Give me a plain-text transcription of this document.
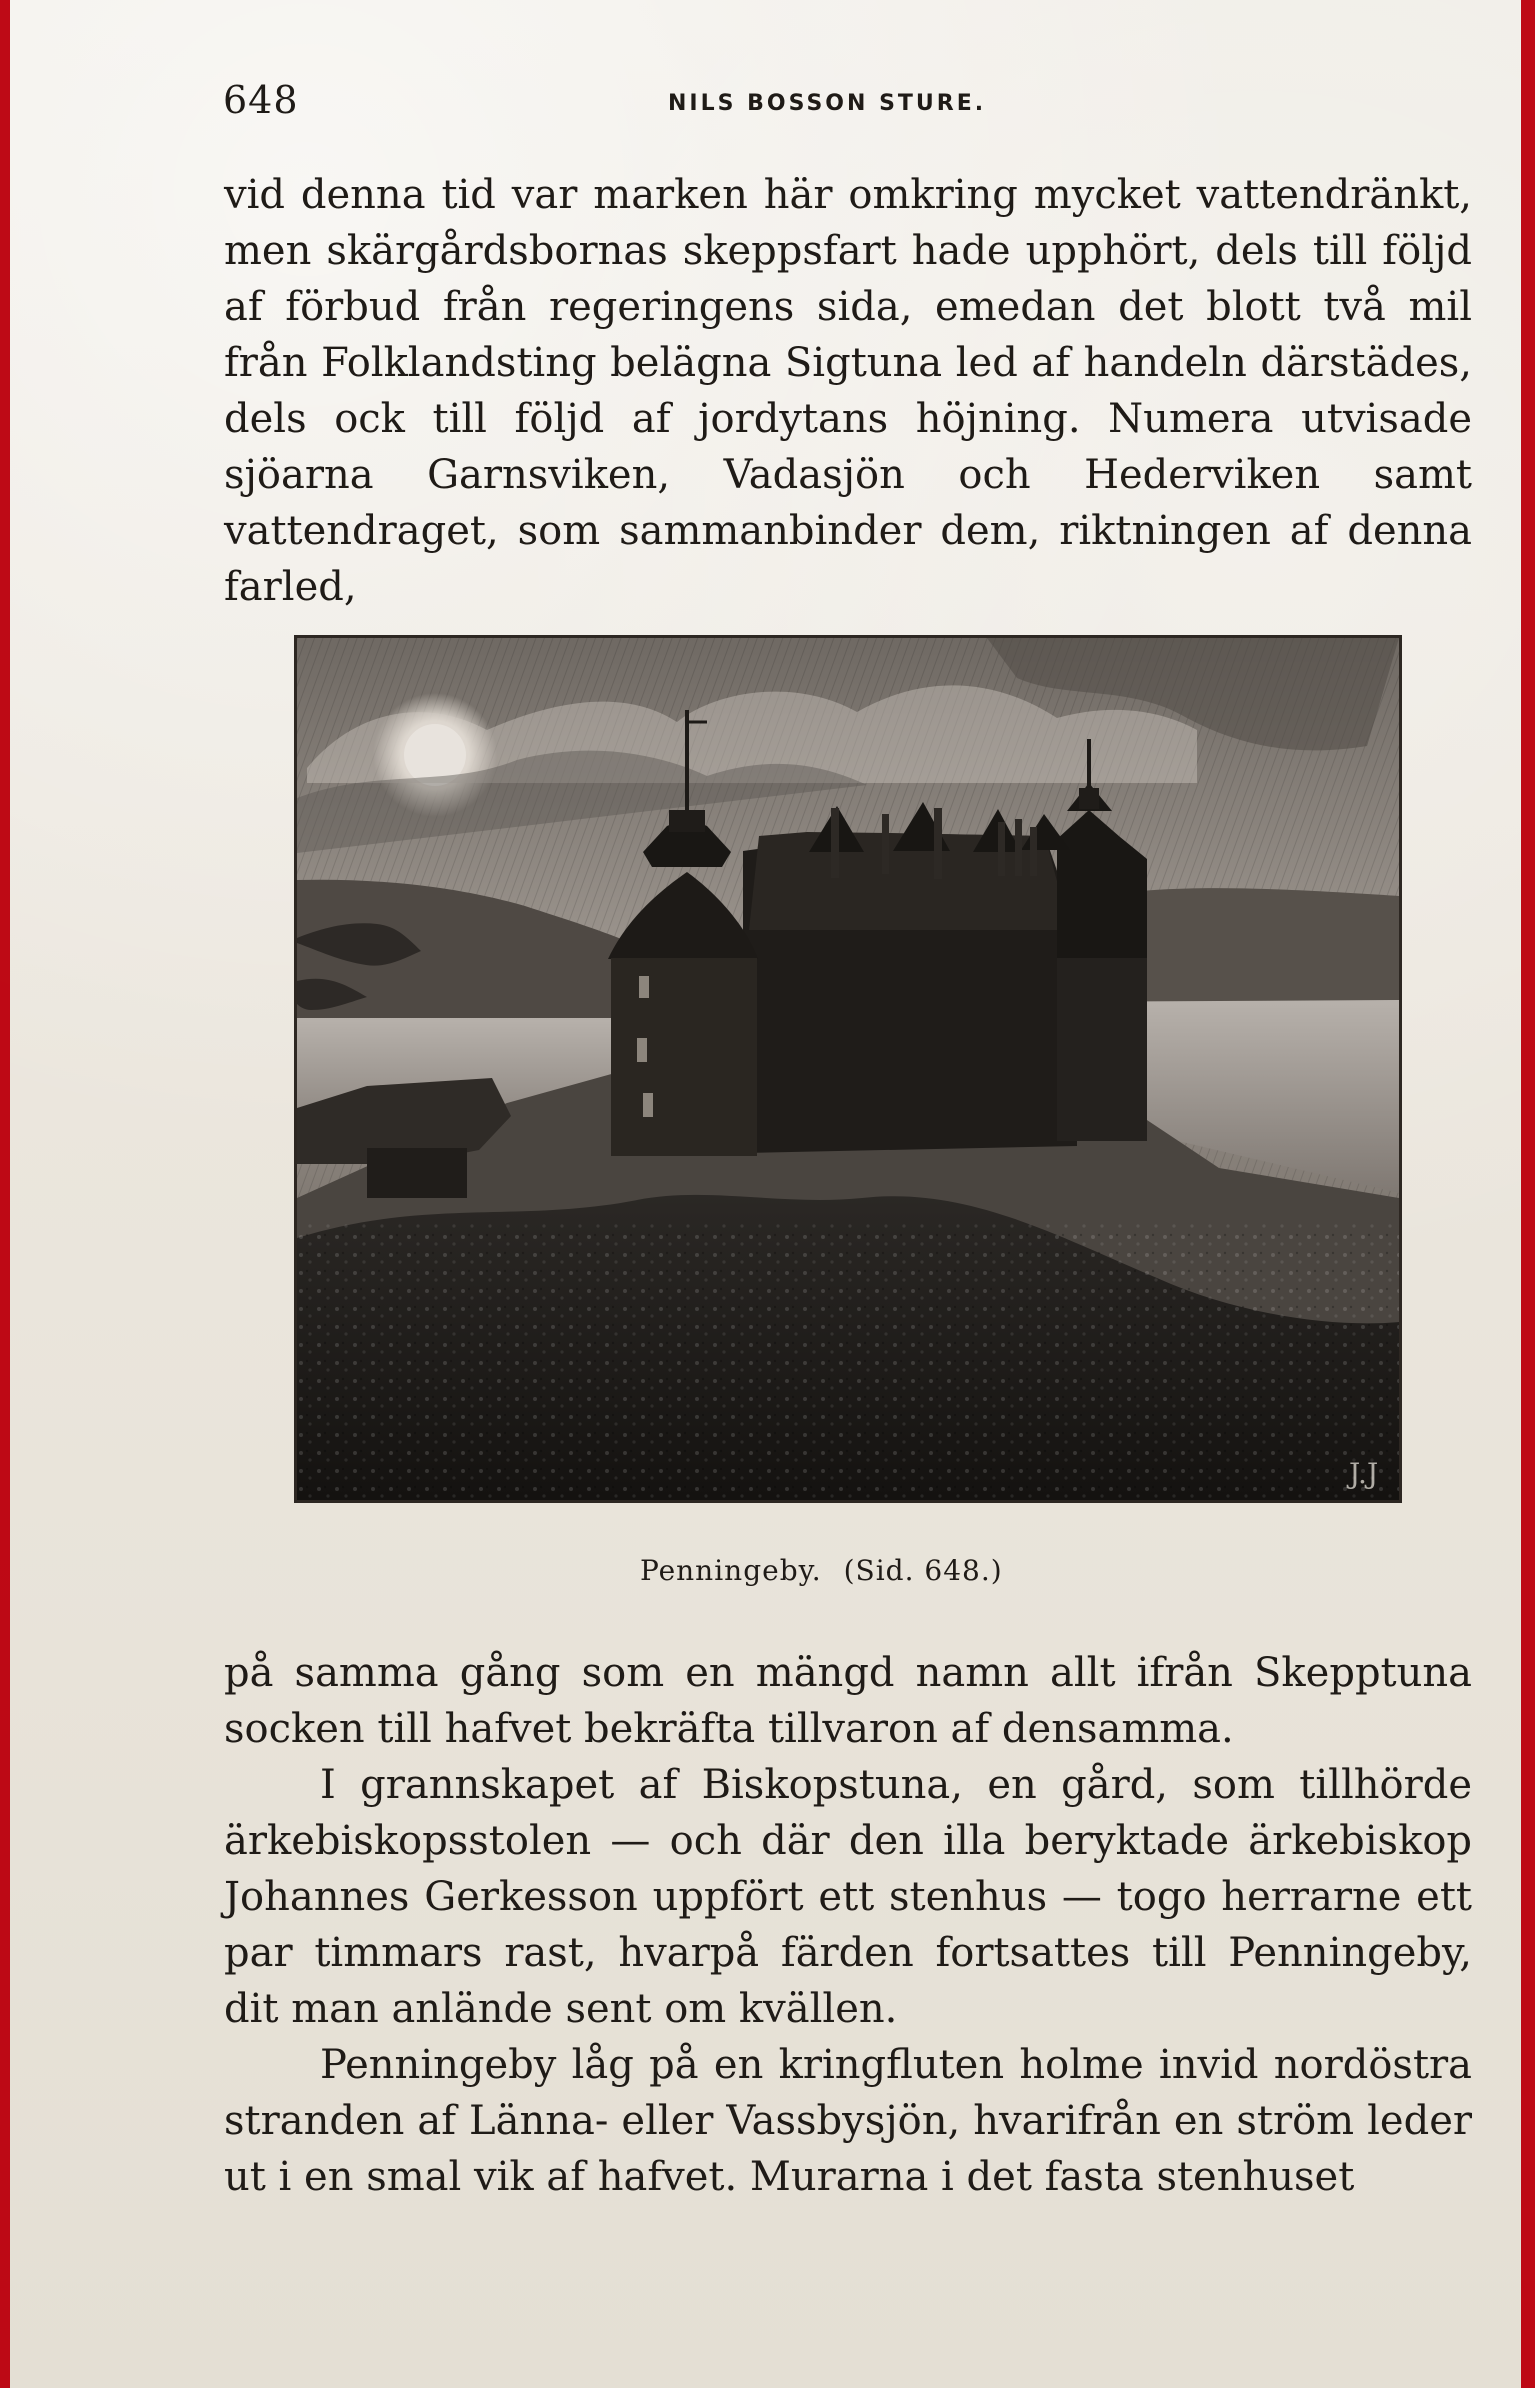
648	NILS BOSSON STURE.

vid denna tid var marken här omkring mycket vattendränkt, men skärgårdsbornas skeppsfart hade upphört, dels till följd af förbud från regeringens sida, emedan det blott två mil från Folklandsting belägna Sigtuna led af handeln därstädes, dels ock till följd af jordytans höjning. Numera utvisade sjöarna Garnsviken, Vadasjön och Hederviken samt vattendraget, som sammanbinder dem, riktningen af denna farled,

J.J
Penningeby. (Sid. 648.)

på samma gång som en mängd namn allt ifrån Skepptuna socken till hafvet bekräfta tillvaron af densamma.

I grannskapet af Biskopstuna, en gård, som tillhörde ärkebiskopsstolen — och där den illa beryktade ärkebiskop Johannes Gerkesson uppfört ett stenhus — togo herrarne ett par timmars rast, hvarpå färden fortsattes till Penningeby, dit man anlände sent om kvällen.

Penningeby låg på en kringfluten holme invid nordöstra stranden af Länna- eller Vassbysjön, hvarifrån en ström leder ut i en smal vik af hafvet. Murarna i det fasta stenhuset
